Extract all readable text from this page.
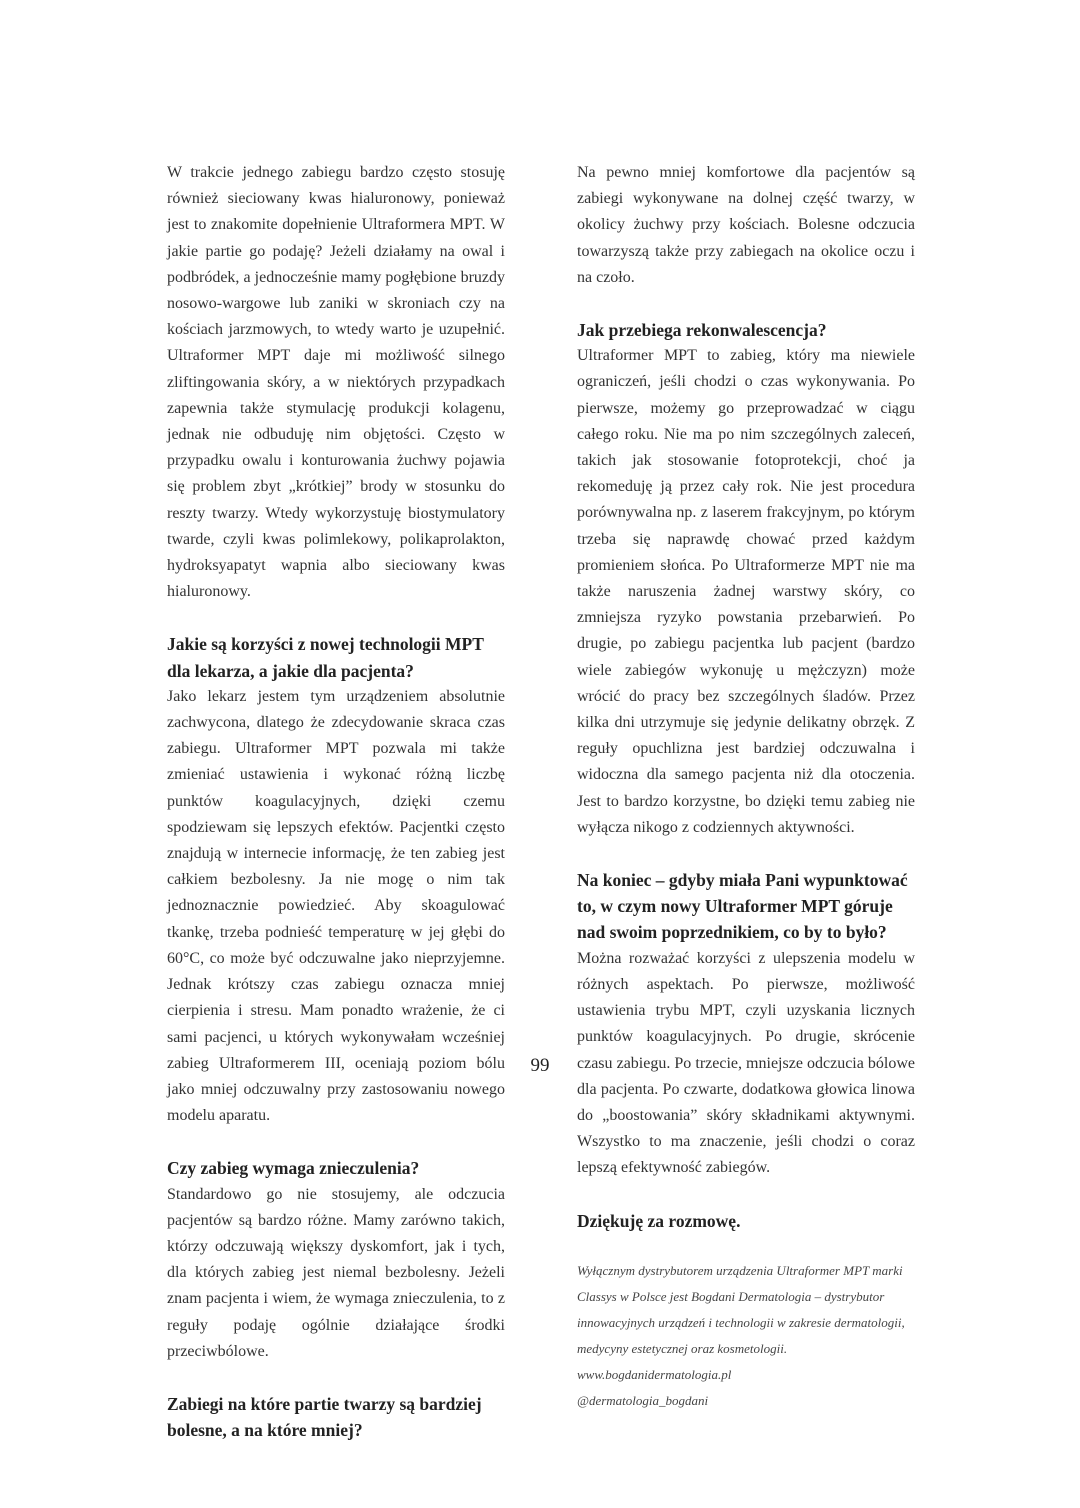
W trakcie jednego zabiegu bardzo często stosuję również sieciowany kwas hialuronowy, ponieważ jest to znakomite dopełnienie Ultraformera MPT. W jakie partie go podaję? Jeżeli działamy na owal i podbródek, a jednocześnie mamy pogłębione bruzdy nosowo-wargowe lub zaniki w skroniach czy na kościach jarzmowych, to wtedy warto je uzupełnić. Ultraformer MPT daje mi możliwość silnego zliftingowania skóry, a w niektórych przypadkach zapewnia także stymulację produkcji kolagenu, jednak nie odbuduję nim objętości. Często w przypadku owalu i konturowania żuchwy pojawia się problem zbyt „krótkiej” brody w stosunku do reszty twarzy. Wtedy wykorzystuję biostymulatory twarde, czyli kwas polimlekowy, polikaprolakton, hydroksyapatyt wapnia albo sieciowany kwas hialuronowy.

Jakie są korzyści z nowej technologii MPT dla lekarza, a jakie dla pacjenta?

Jako lekarz jestem tym urządzeniem absolutnie zachwycona, dlatego że zdecydowanie skraca czas zabiegu. Ultraformer MPT pozwala mi także zmieniać ustawienia i wykonać różną liczbę punktów koagulacyjnych, dzięki czemu spodziewam się lepszych efektów. Pacjentki często znajdują w internecie informację, że ten zabieg jest całkiem bezbolesny. Ja nie mogę o nim tak jednoznacznie powiedzieć. Aby skoagulować tkankę, trzeba podnieść temperaturę w jej głębi do 60°C, co może być odczuwalne jako nieprzyjemne. Jednak krótszy czas zabiegu oznacza mniej cierpienia i stresu. Mam ponadto wrażenie, że ci sami pacjenci, u których wykonywałam wcześniej zabieg Ultraformerem III, oceniają poziom bólu jako mniej odczuwalny przy zastosowaniu nowego modelu aparatu.

Czy zabieg wymaga znieczulenia?

Standardowo go nie stosujemy, ale odczucia pacjentów są bardzo różne. Mamy zarówno takich, którzy odczuwają większy dyskomfort, jak i tych, dla których zabieg jest niemal bezbolesny. Jeżeli znam pacjenta i wiem, że wymaga znieczulenia, to z reguły podaję ogólnie działające środki przeciwbólowe.

Zabiegi na które partie twarzy są bardziej bolesne, a na które mniej?

Na pewno mniej komfortowe dla pacjentów są zabiegi wykonywane na dolnej część twarzy, w okolicy żuchwy przy kościach. Bolesne odczucia towarzyszą także przy zabiegach na okolice oczu i na czoło.

Jak przebiega rekonwalescencja?

Ultraformer MPT to zabieg, który ma niewiele ograniczeń, jeśli chodzi o czas wykonywania. Po pierwsze, możemy go przeprowadzać w ciągu całego roku. Nie ma po nim szczególnych zaleceń, takich jak stosowanie fotoprotekcji, choć ja rekomeduję ją przez cały rok. Nie jest procedura porównywalna np. z laserem frakcyjnym, po którym trzeba się naprawdę chować przed każdym promieniem słońca. Po Ultraformerze MPT nie ma także naruszenia żadnej warstwy skóry, co zmniejsza ryzyko powstania przebarwień. Po drugie, po zabiegu pacjentka lub pacjent (bardzo wiele zabiegów wykonuję u mężczyzn) może wrócić do pracy bez szczególnych śladów. Przez kilka dni utrzymuje się jedynie delikatny obrzęk. Z reguły opuchlizna jest bardziej odczuwalna i widoczna dla samego pacjenta niż dla otoczenia. Jest to bardzo korzystne, bo dzięki temu zabieg nie wyłącza nikogo z codziennych aktywności.

Na koniec – gdyby miała Pani wypunktować to, w czym nowy Ultraformer MPT góruje nad swoim poprzednikiem, co by to było?

Można rozważać korzyści z ulepszenia modelu w różnych aspektach. Po pierwsze, możliwość ustawienia trybu MPT, czyli uzyskania licznych punktów koagulacyjnych. Po drugie, skrócenie czasu zabiegu. Po trzecie, mniejsze odczucia bólowe dla pacjenta. Po czwarte, dodatkowa głowica linowa do „boostowania” skóry składnikami aktywnymi. Wszystko to ma znaczenie, jeśli chodzi o coraz lepszą efektywność zabiegów.

Dziękuję za rozmowę.

Wyłącznym dystrybutorem urządzenia Ultraformer MPT marki

Classys w Polsce jest Bogdani Dermatologia – dystrybutor

innowacyjnych urządzeń i technologii w zakresie dermatologii,

medycyny estetycznej oraz kosmetologii.

www.bogdanidermatologia.pl

@dermatologia_bogdani

99
